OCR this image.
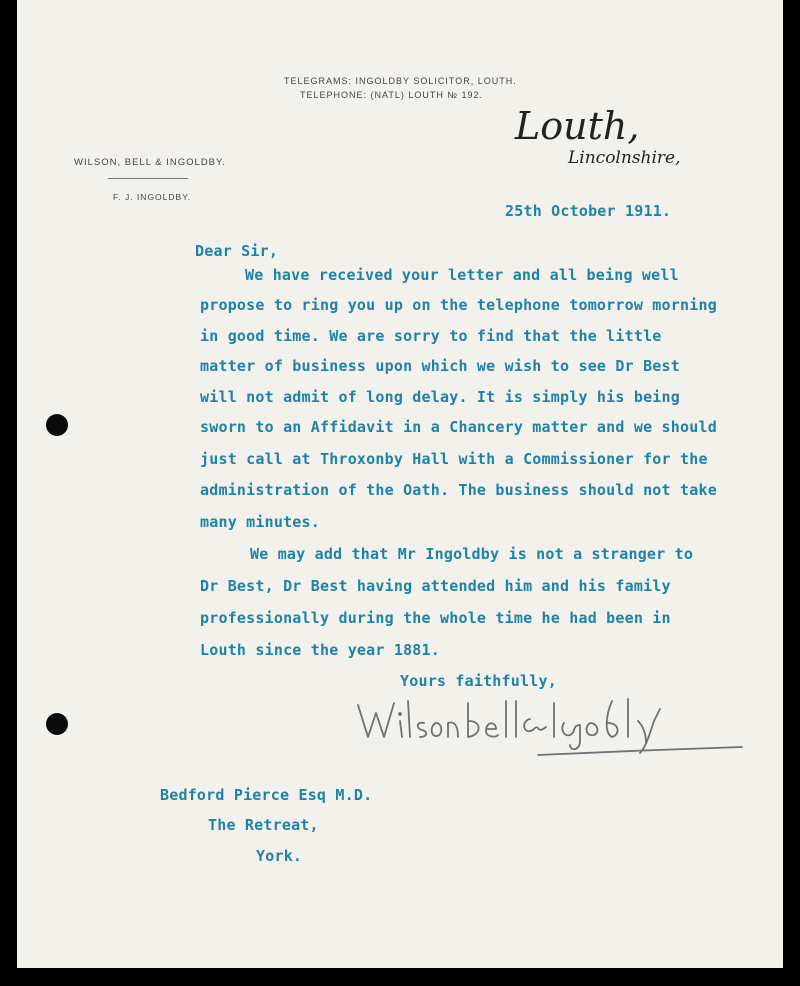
TELEGRAMS: INGOLDBY SOLICITOR, LOUTH.
TELEPHONE: (NATL) LOUTH № 192.
WILSON, BELL & INGOLDBY.
F. J. INGOLDBY.
Louth,
Lincolnshire,
25th October 1911.
Dear Sir,
We have received your letter and all being well
propose to ring you up on the telephone tomorrow morning
in good time. We are sorry to find that the little
matter of business upon which we wish to see Dr Best
will not admit of long delay. It is simply his being
sworn to an Affidavit in a Chancery matter and we should
just call at Throxonby Hall with a Commissioner for the
administration of the Oath. The business should not take
many minutes.
We may add that Mr Ingoldby is not a stranger to
Dr Best, Dr Best having attended him and his family
professionally during the whole time he had been in
Louth since the year 1881.
Yours faithfully,
Bedford Pierce Esq M.D.
The Retreat,
York.
